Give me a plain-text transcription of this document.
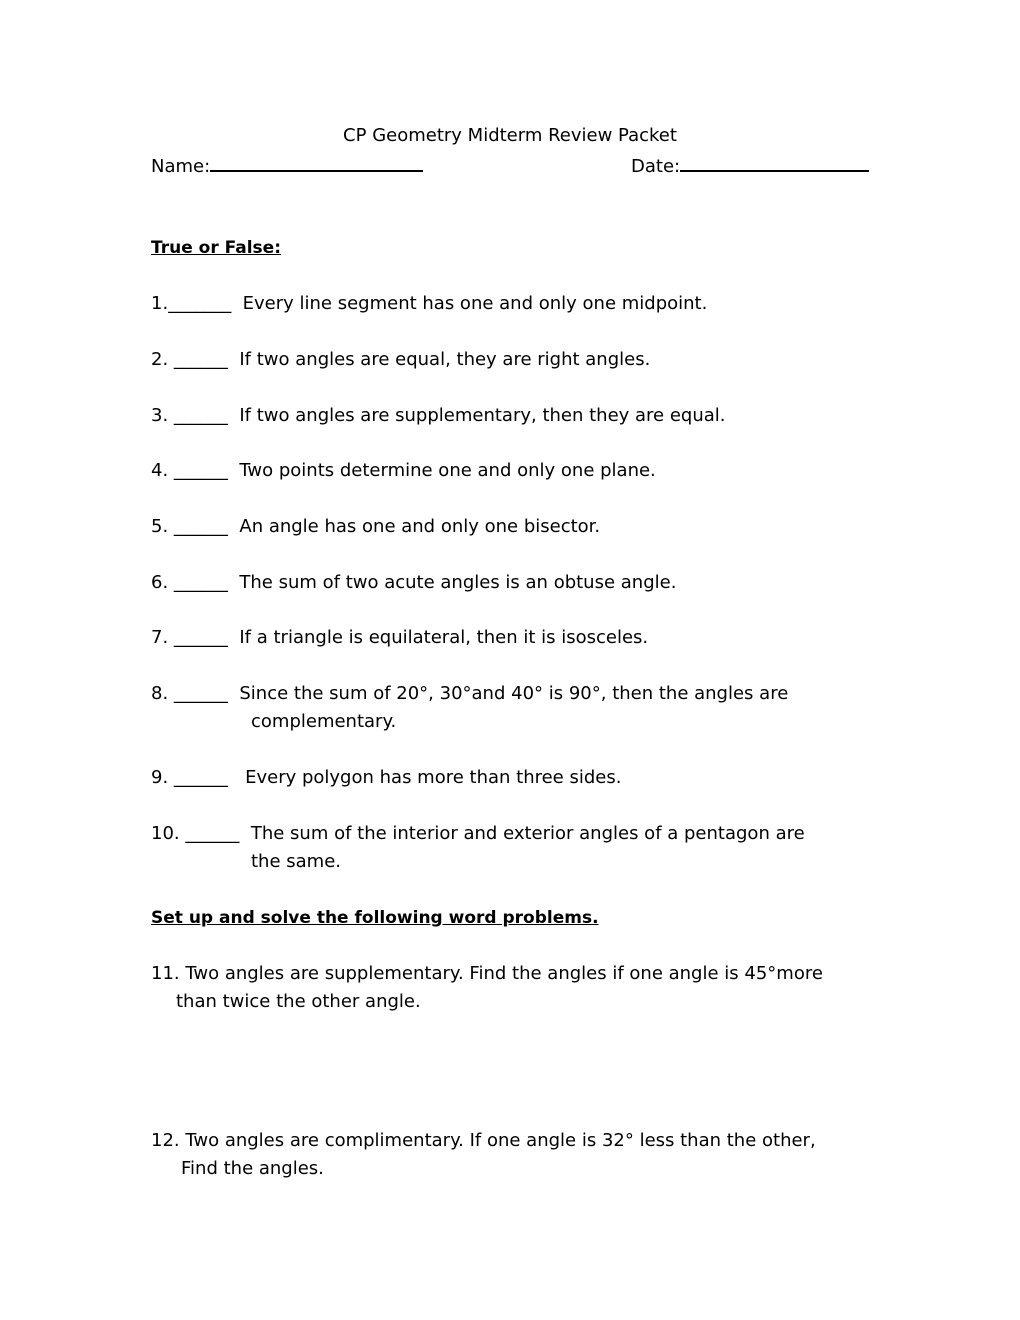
CP Geometry Midterm Review Packet
Name:	Date:
True or False:
1._______ Every line segment has one and only one midpoint.
2. ______ If two angles are equal, they are right angles.
3. ______ If two angles are supplementary, then they are equal.
4. ______ Two points determine one and only one plane.
5. ______ An angle has one and only one bisector.
6. ______ The sum of two acute angles is an obtuse angle.
7. ______ If a triangle is equilateral, then it is isosceles.
8. ______ Since the sum of 20°, 30°and 40° is 90°, then the angles are
complementary.
9. ______ Every polygon has more than three sides.
10. ______ The sum of the interior and exterior angles of a pentagon are
the same.
Set up and solve the following word problems.
11. Two angles are supplementary. Find the angles if one angle is 45°more
than twice the other angle.
12. Two angles are complimentary. If one angle is 32° less than the other,
Find the angles.
